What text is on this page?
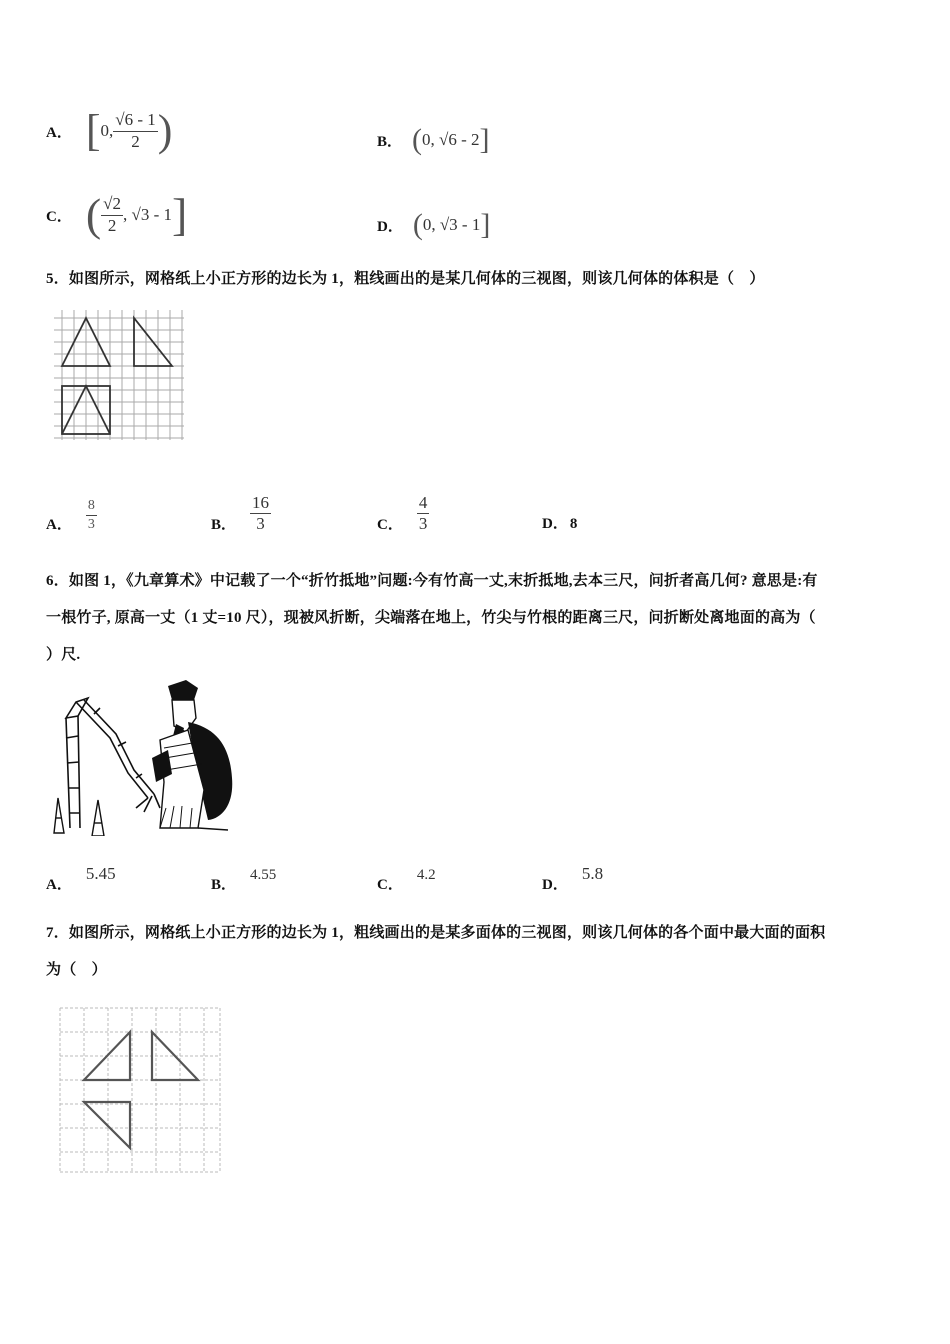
A． [ 0, $\frac{√6 - 1}{2}$ )	B． ( 0, √6 - 2 ]
C． ( $\frac{√2}{2}$ , √3 - 1 ]	D． ( 0, √3 - 1 ]
5．如图所示，网格纸上小正方形的边长为 1，粗线画出的是某几何体的三视图，则该几何体的体积是（　）
A． $\frac{8}{3}$	B． $\frac{16}{3}$	C． $\frac{4}{3}$	D． 8
6．如图 1，《九章算术》中记载了一个“折竹抵地”问题:今有竹高一丈,末折抵地,去本三尺，问折者高几何? 意思是:有
一根竹子, 原高一丈（1 丈=10 尺），现被风折断，尖端落在地上，竹尖与竹根的距离三尺，问折断处离地面的高为（
）尺.
A．
5.45
B．
4.55
C．
4.2
D．
5.8
7．如图所示，网格纸上小正方形的边长为 1，粗线画出的是某多面体的三视图，则该几何体的各个面中最大面的面积
为（　）
